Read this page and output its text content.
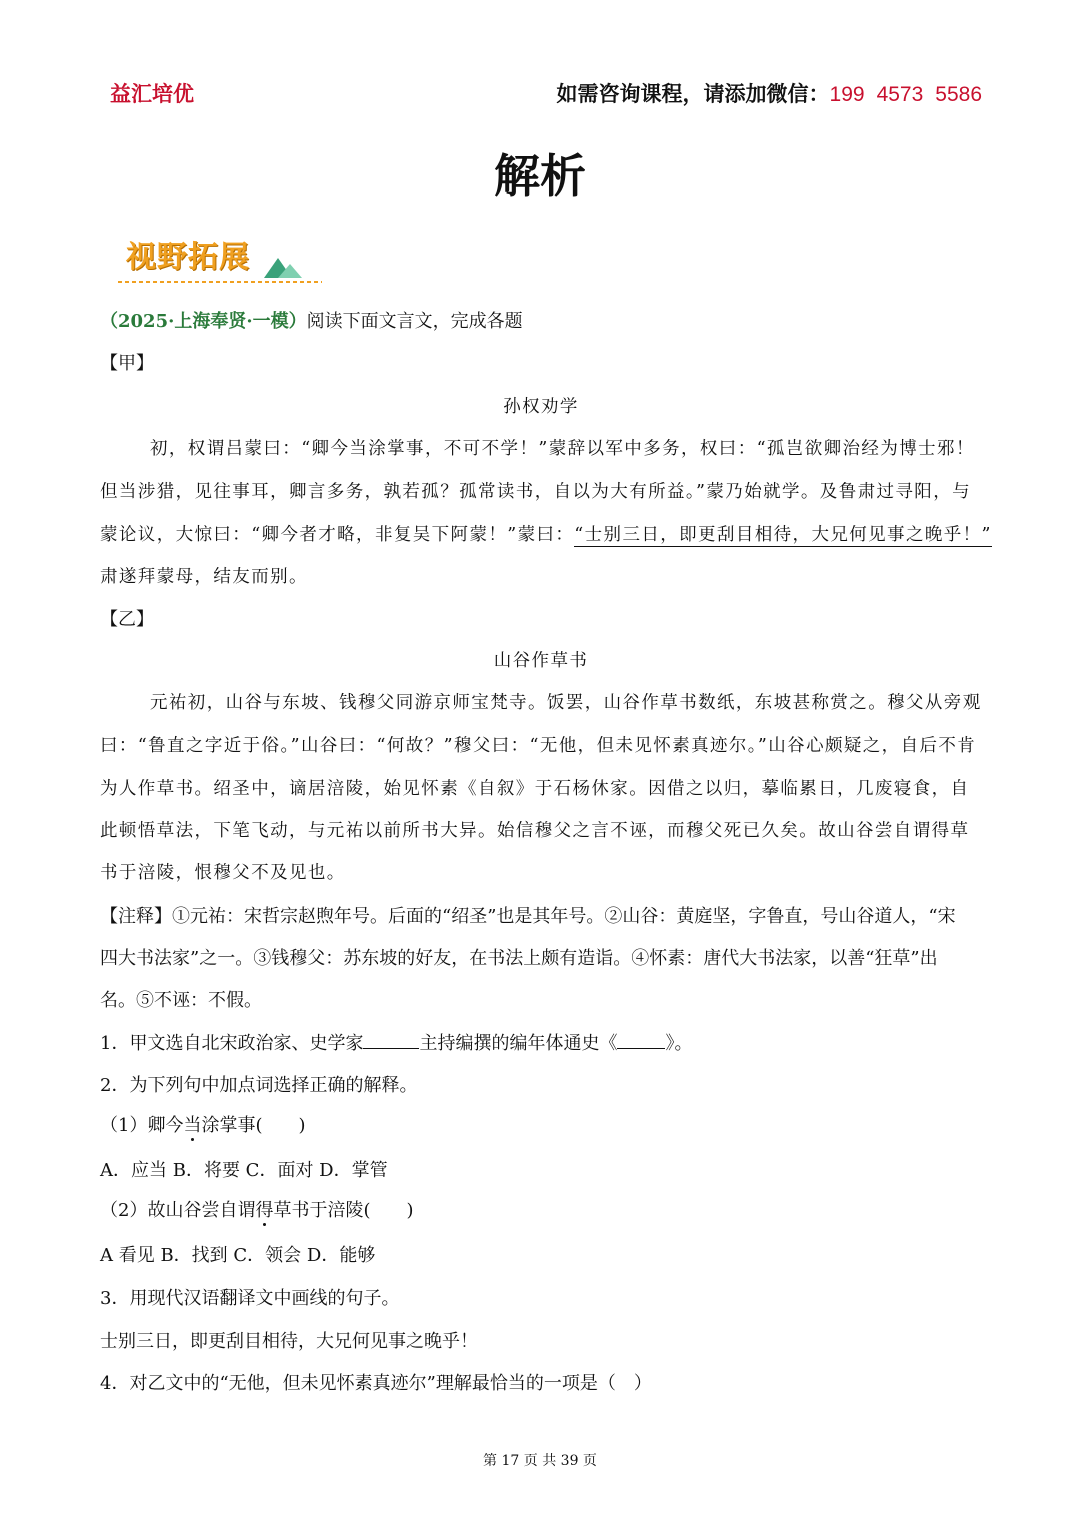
益汇培优	如需咨询课程，请添加微信：199 4573 5586
解析
视野拓展
（2025·上海奉贤·一模）阅读下面文言文，完成各题
【甲】
孙权劝学
初，权谓吕蒙曰：“卿今当涂掌事，不可不学！”蒙辞以军中多务，权曰：“孤岂欲卿治经为博士邪！
但当涉猎，见往事耳，卿言多务，孰若孤？孤常读书，自以为大有所益。”蒙乃始就学。及鲁肃过寻阳，与
蒙论议，大惊曰：“卿今者才略，非复吴下阿蒙！”蒙曰：“士别三日，即更刮目相待，大兄何见事之晚乎！”
肃遂拜蒙母，结友而别。
【乙】
山谷作草书
元祐初，山谷与东坡、钱穆父同游京师宝梵寺。饭罢，山谷作草书数纸，东坡甚称赏之。穆父从旁观
曰：“鲁直之字近于俗。”山谷曰：“何故？”穆父曰：“无他，但未见怀素真迹尔。”山谷心颇疑之，自后不肯
为人作草书。绍圣中，谪居涪陵，始见怀素《自叙》于石杨休家。因借之以归，摹临累日，几废寝食，自
此顿悟草法，下笔飞动，与元祐以前所书大异。始信穆父之言不诬，而穆父死已久矣。故山谷尝自谓得草
书于涪陵，恨穆父不及见也。
【注释】①元祐：宋哲宗赵煦年号。后面的“绍圣”也是其年号。②山谷：黄庭坚，字鲁直，号山谷道人，“宋
四大书法家”之一。③钱穆父：苏东坡的好友，在书法上颇有造诣。④怀素：唐代大书法家，以善“狂草”出
名。⑤不诬：不假。
1．甲文选自北宋政治家、史学家	主持编撰的编年体通史《	》。
2．为下列句中加点词选择正确的解释。
（1）卿今当涂掌事(　　)
A．应当 B．将要 C．面对 D．掌管
（2）故山谷尝自谓得草书于涪陵(　　)
A 看见 B．找到 C．领会 D．能够
3．用现代汉语翻译文中画线的句子。
士别三日，即更刮目相待，大兄何见事之晚乎！
4．对乙文中的“无他，但未见怀素真迹尔”理解最恰当的一项是（　）
第 17 页 共 39 页
